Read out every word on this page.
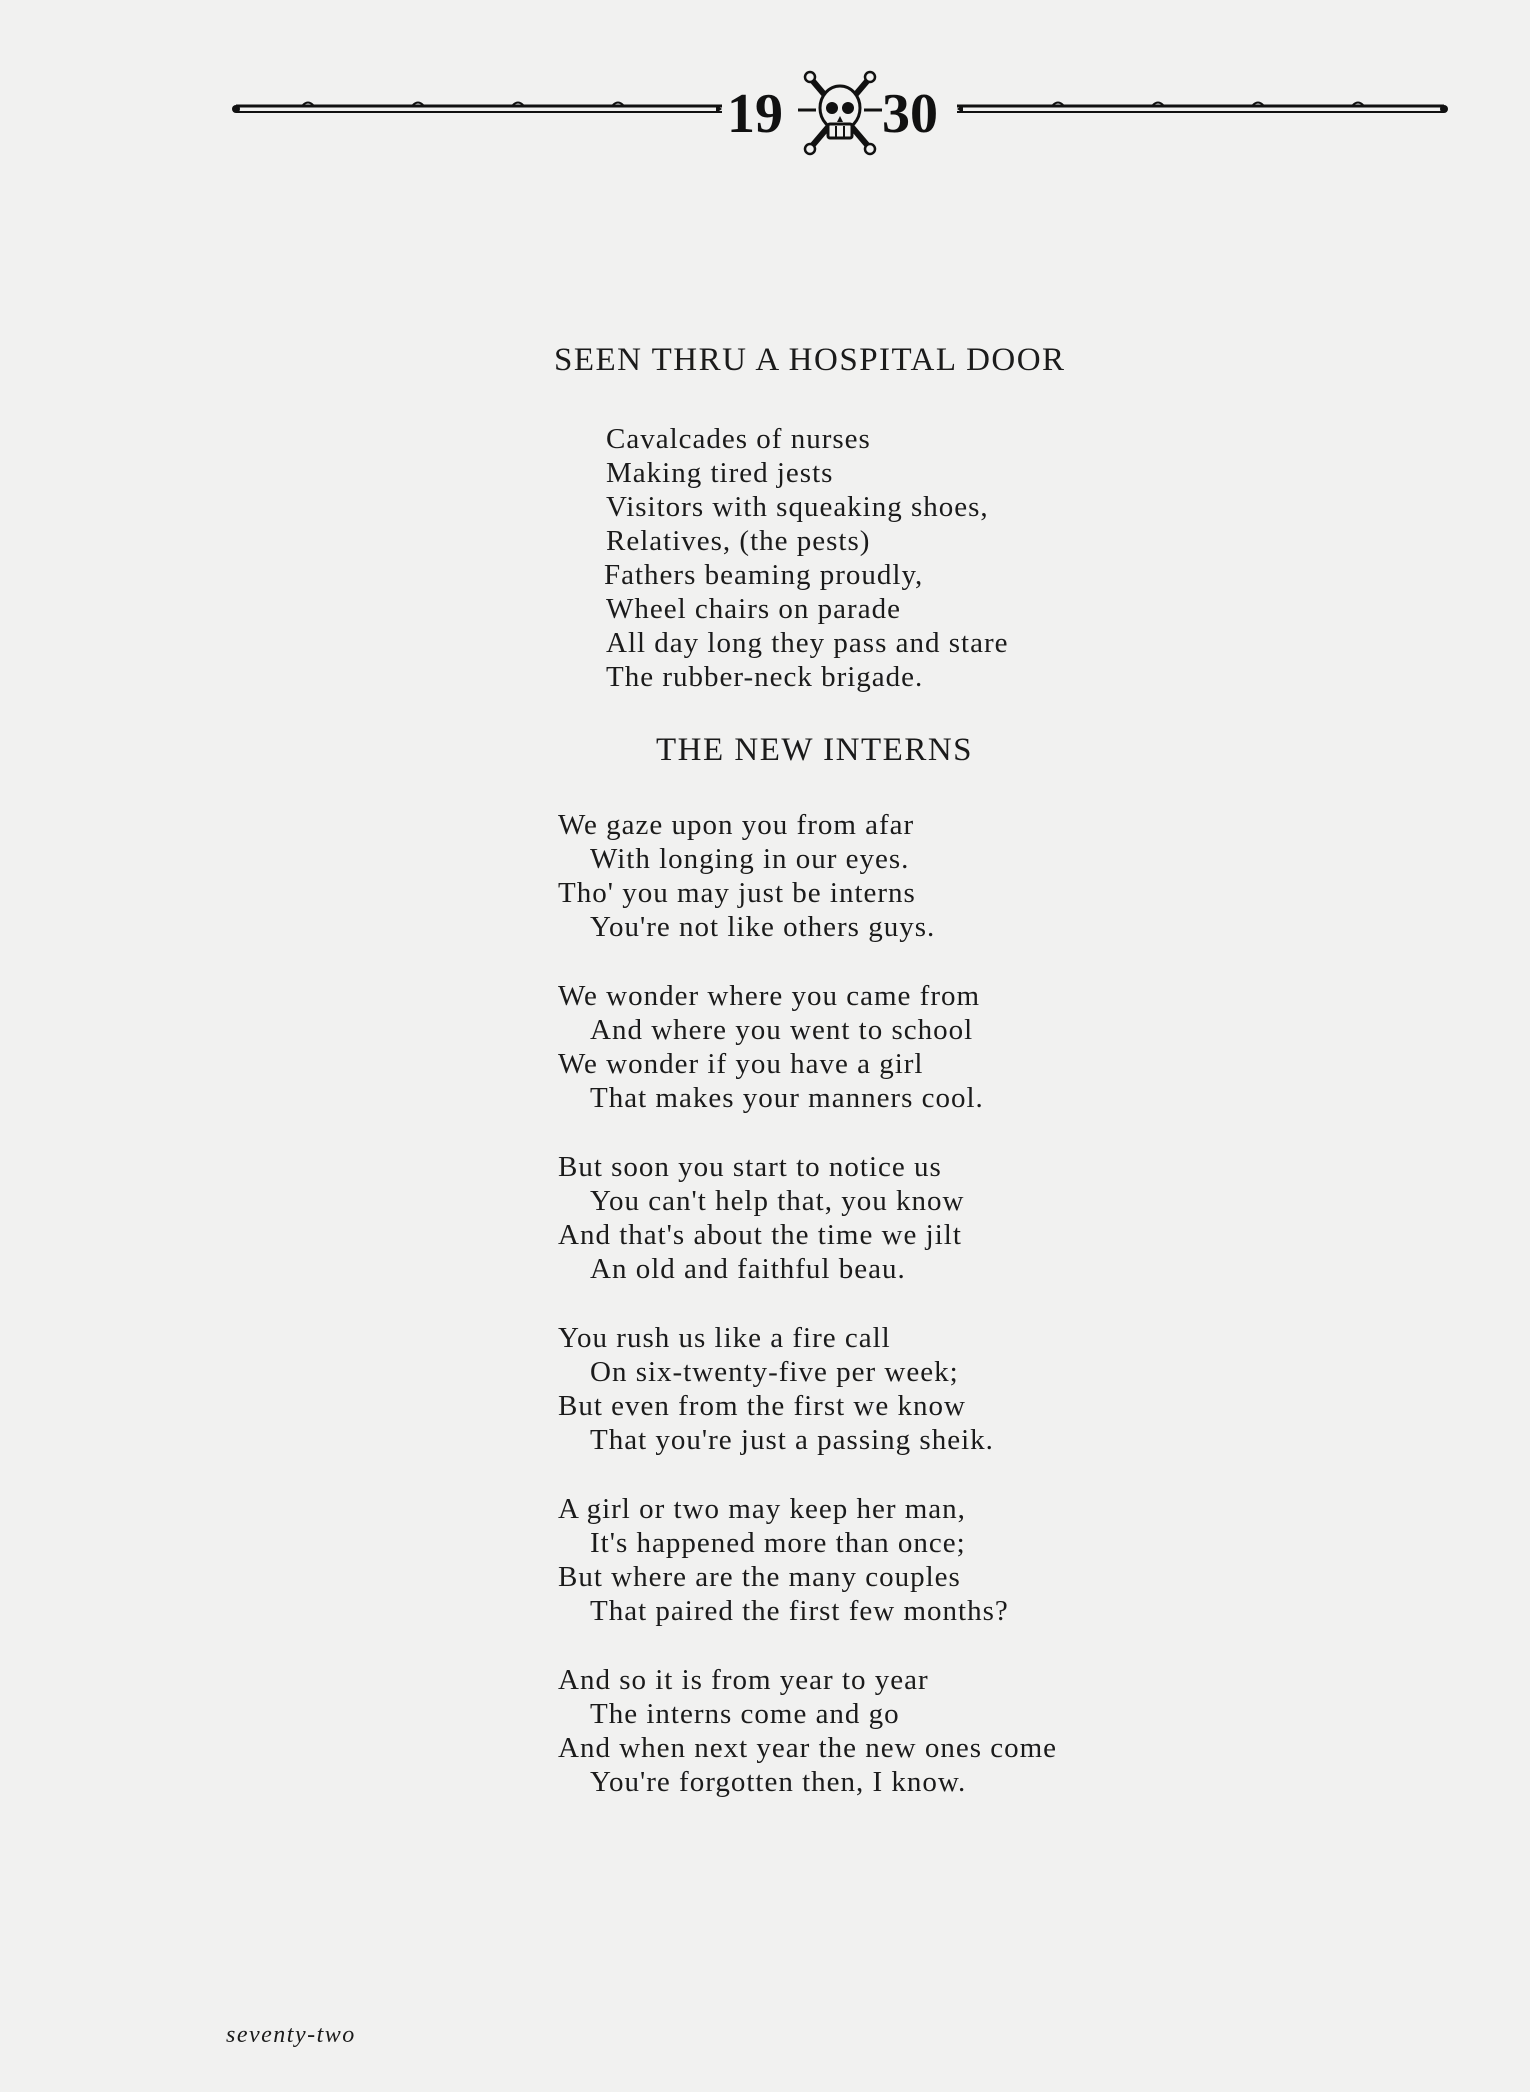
19 30
SEEN THRU A HOSPITAL DOOR
Cavalcades of nurses
Making tired jests
Visitors with squeaking shoes,
Relatives, (the pests)
Fathers beaming proudly,
Wheel chairs on parade
All day long they pass and stare
The rubber-neck brigade.
THE NEW INTERNS
We gaze upon you from afar
With longing in our eyes.
Tho' you may just be interns
You're not like others guys.
We wonder where you came from
And where you went to school
We wonder if you have a girl
That makes your manners cool.
But soon you start to notice us
You can't help that, you know
And that's about the time we jilt
An old and faithful beau.
You rush us like a fire call
On six-twenty-five per week;
But even from the first we know
That you're just a passing sheik.
A girl or two may keep her man,
It's happened more than once;
But where are the many couples
That paired the first few months?
And so it is from year to year
The interns come and go
And when next year the new ones come
You're forgotten then, I know.
seventy-two
